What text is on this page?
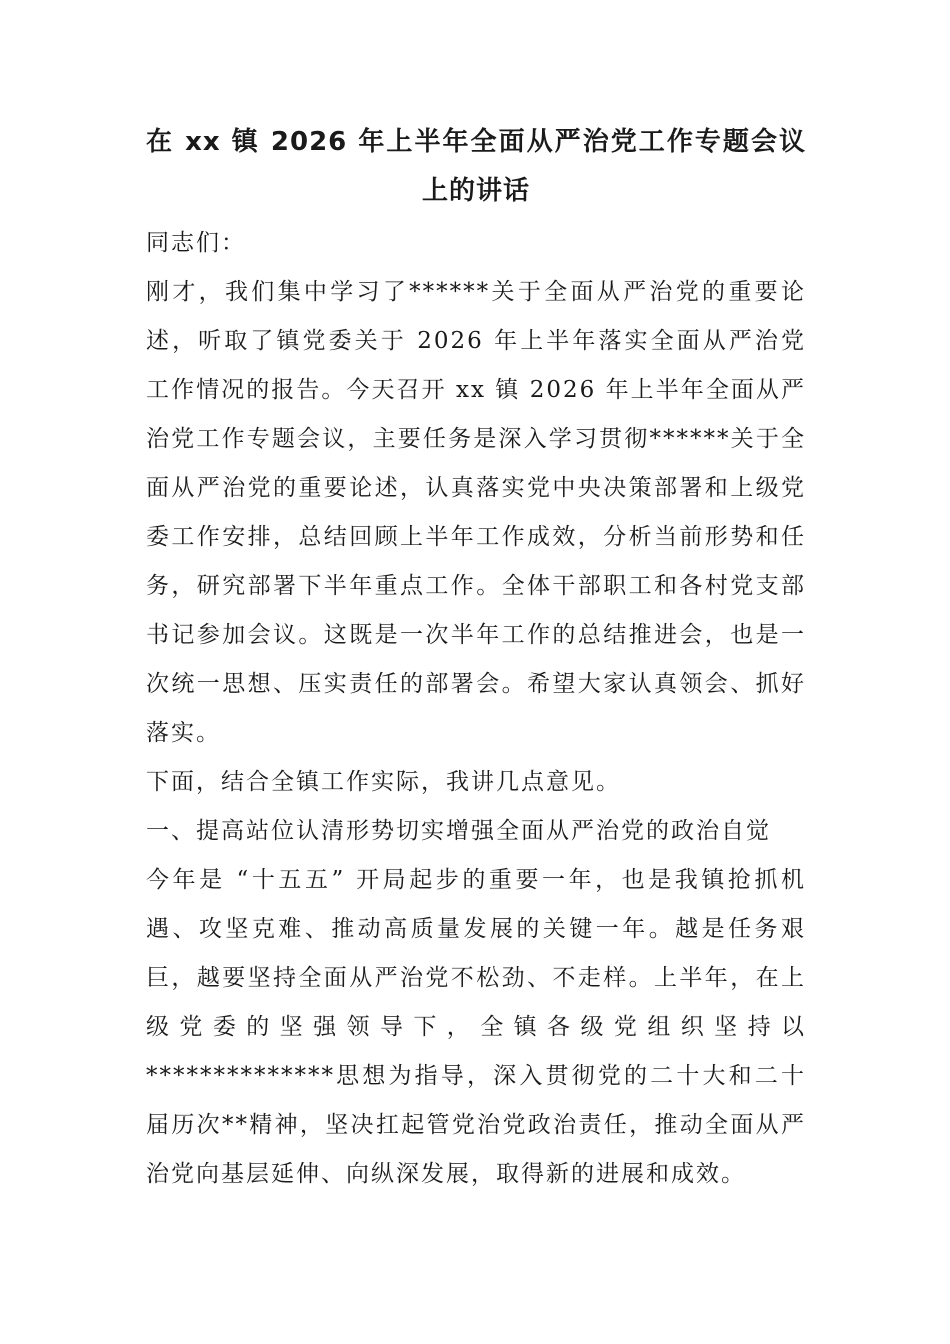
在 xx 镇 2026 年上半年全面从严治党工作专题会议
上的讲话

同志们：

刚才，我们集中学习了******关于全面从严治党的重要论述，听取了镇党委关于 2026 年上半年落实全面从严治党工作情况的报告。今天召开 xx 镇 2026 年上半年全面从严治党工作专题会议，主要任务是深入学习贯彻******关于全面从严治党的重要论述，认真落实党中央决策部署和上级党委工作安排，总结回顾上半年工作成效，分析当前形势和任务，研究部署下半年重点工作。全体干部职工和各村党支部书记参加会议。这既是一次半年工作的总结推进会，也是一次统一思想、压实责任的部署会。希望大家认真领会、抓好落实。

下面，结合全镇工作实际，我讲几点意见。

一、提高站位认清形势切实增强全面从严治党的政治自觉

今年是 “十五五” 开局起步的重要一年，也是我镇抢抓机遇、攻坚克难、推动高质量发展的关键一年。越是任务艰巨，越要坚持全面从严治党不松劲、不走样。上半年，在上级党委的坚强领导下，全镇各级党组织坚持以**************思想为指导，深入贯彻党的二十大和二十届历次**精神，坚决扛起管党治党政治责任，推动全面从严治党向基层延伸、向纵深发展，取得新的进展和成效。
